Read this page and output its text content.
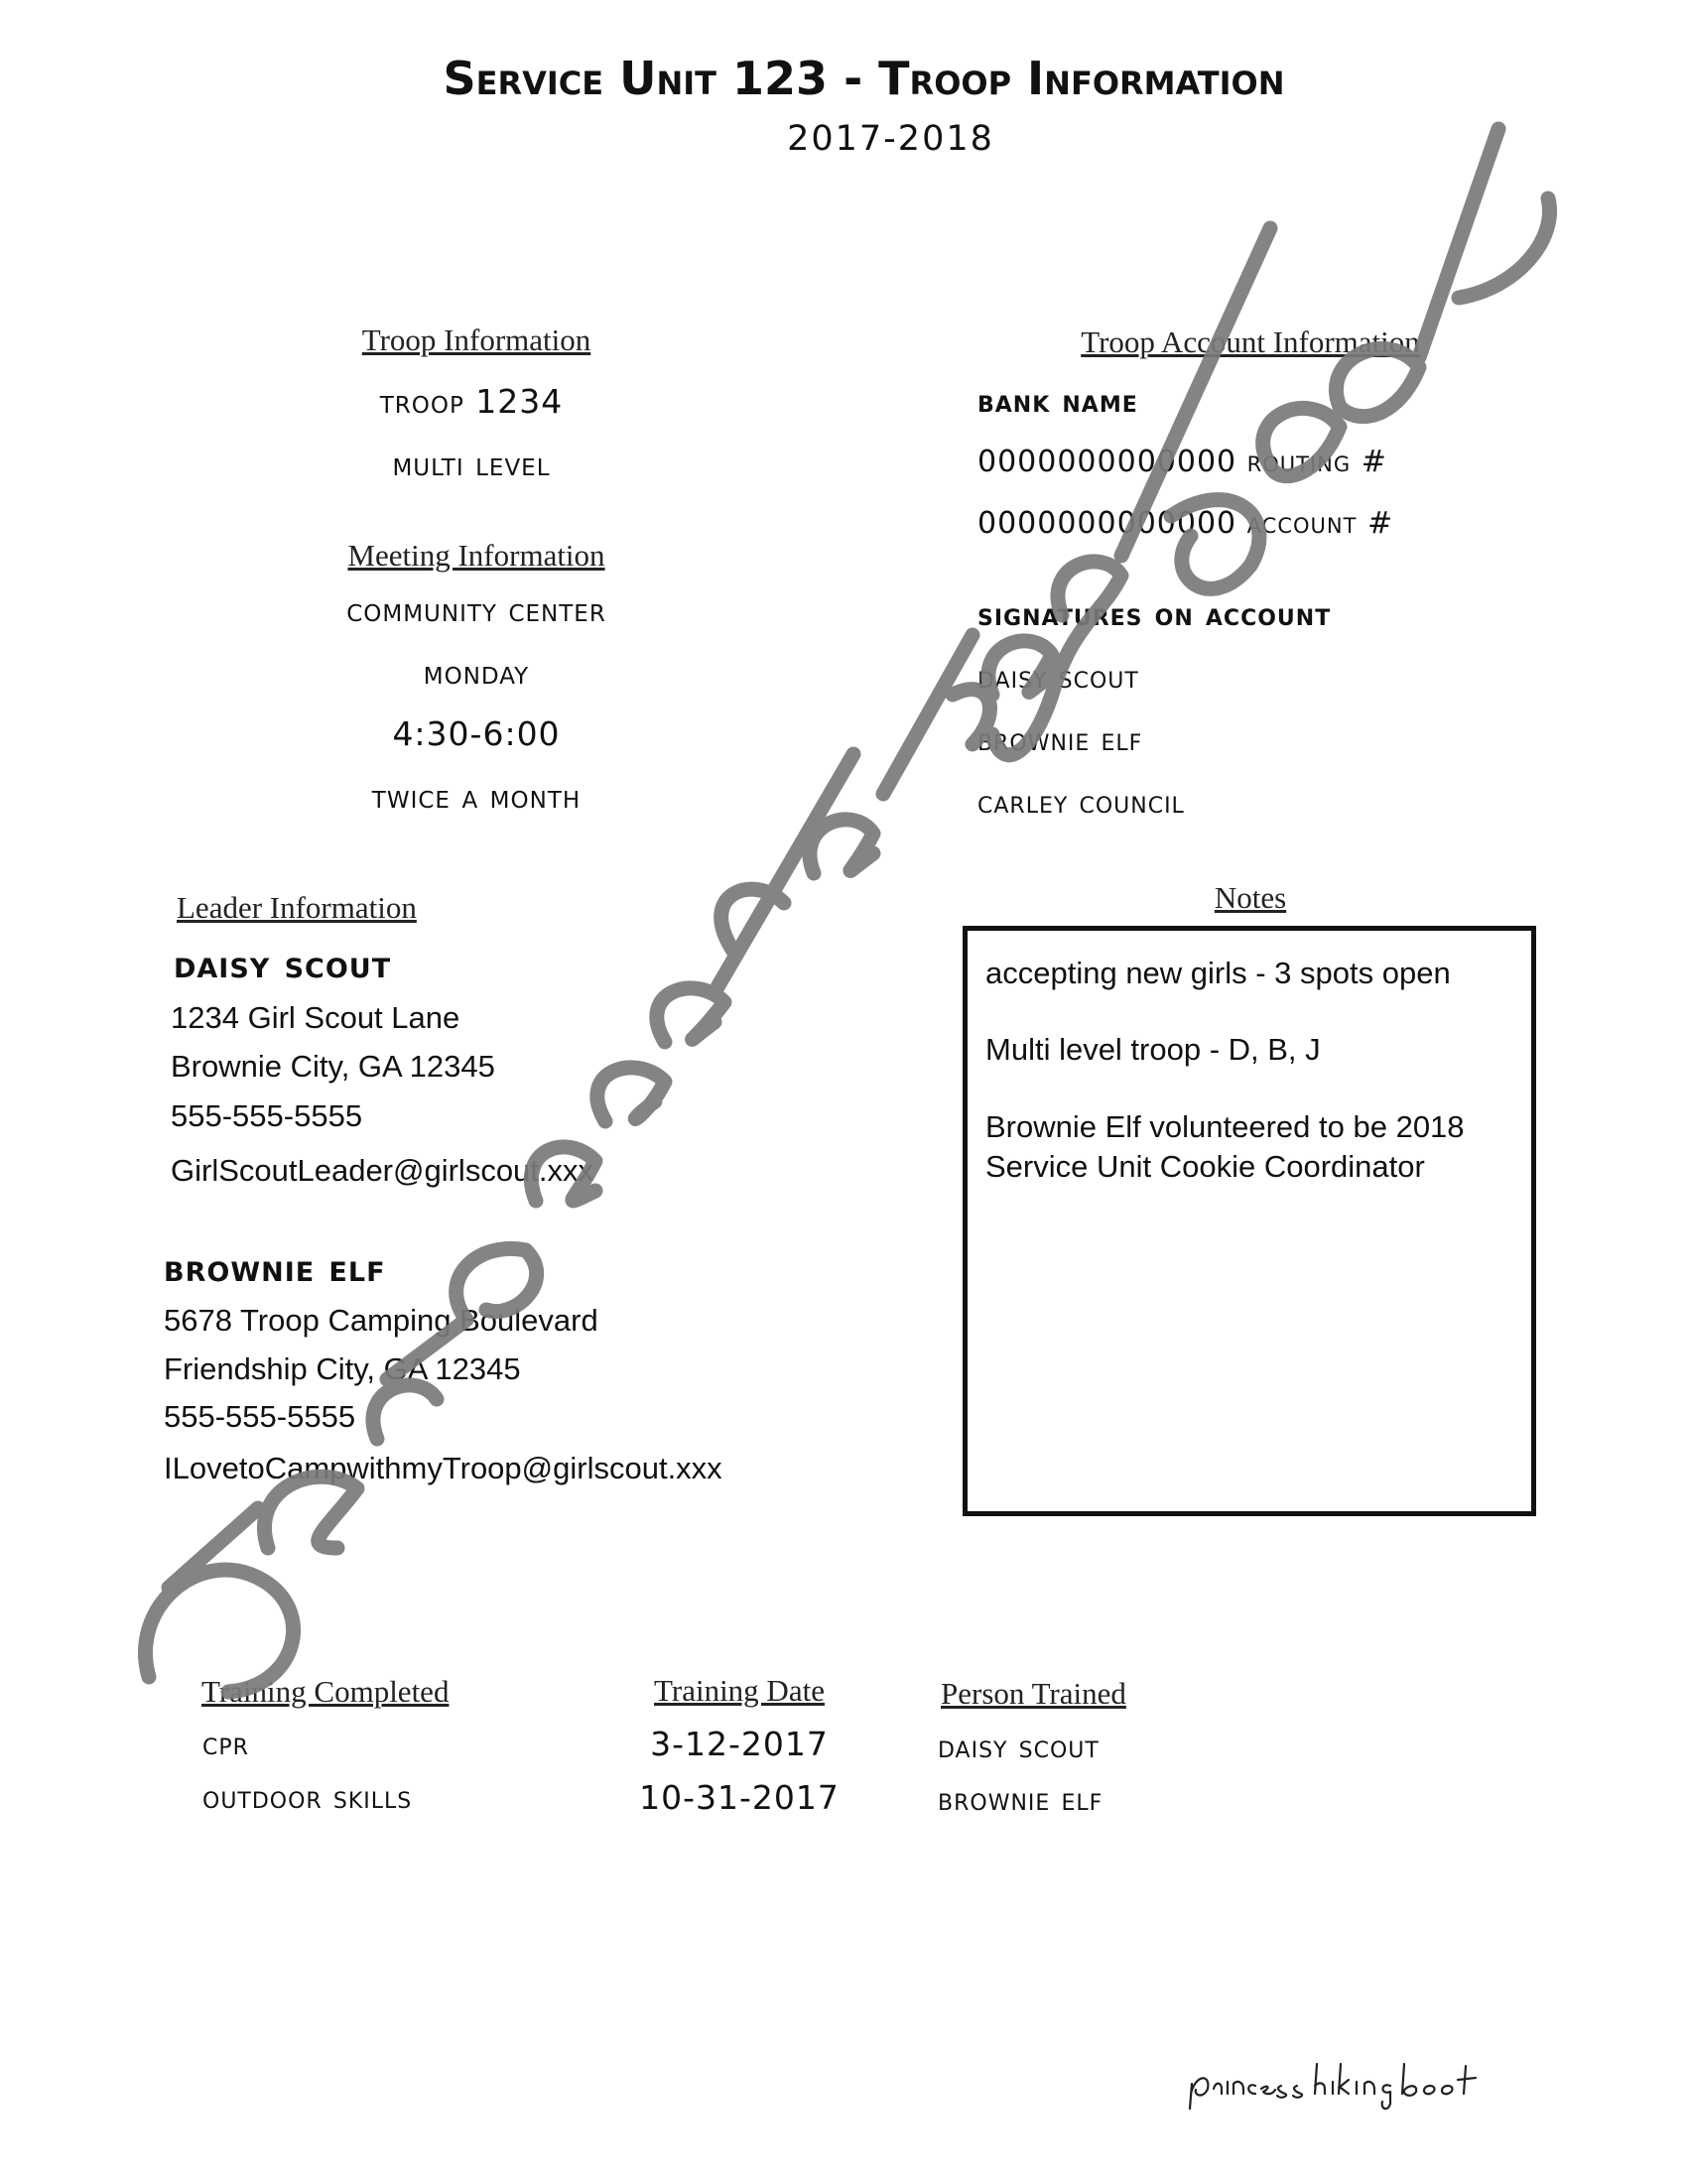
Service Unit 123 - Troop Information
2017-2018
Troop Information
troop 1234
multi level
Meeting Information
community center
monday
4:30-6:00
twice a month
Troop Account Information
bank name
0000000000000 routing #
0000000000000 account #
signatures on account
daisy scout
brownie elf
carley council
Leader Information
daisy scout
1234 Girl Scout Lane
Brownie City, GA 12345
555-555-5555
GirlScoutLeader@girlscout.xxx
brownie elf
5678 Troop Camping Boulevard
Friendship City, GA 12345
555-555-5555
ILovetoCampwithmyTroop@girlscout.xxx
Notes

accepting new girls - 3 spots open

Multi level troop - D, B, J

Brownie Elf volunteered to be 2018 Service Unit Cookie Coordinator

Training Completed	Training Date	Person Trained
cpr	3-12-2017	daisy scout
outdoor skills	10-31-2017	brownie elf
